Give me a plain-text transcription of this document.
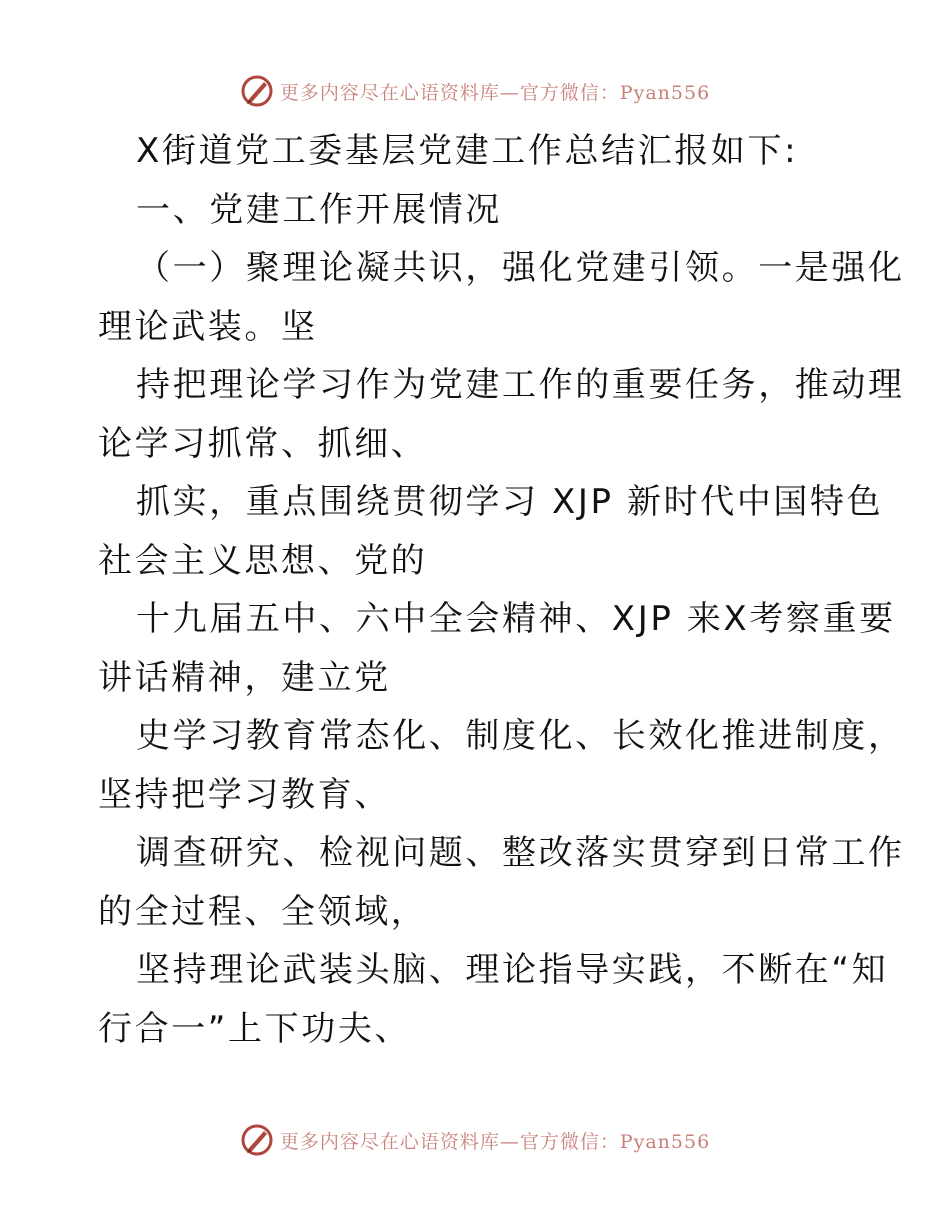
更多内容尽在心语资料库—官方微信：Pyan556
X街道党工委基层党建工作总结汇报如下:
一、党建工作开展情况
（一）聚理论凝共识，强化党建引领。一是强化
理论武装。坚
持把理论学习作为党建工作的重要任务，推动理
论学习抓常、抓细、
抓实，重点围绕贯彻学习 XJP 新时代中国特色
社会主义思想、党的
十九届五中、六中全会精神、XJP 来X考察重要
讲话精神，建立党
史学习教育常态化、制度化、长效化推进制度，
坚持把学习教育、
调查研究、检视问题、整改落实贯穿到日常工作
的全过程、全领域，
坚持理论武装头脑、理论指导实践，不断在“知
行合一”上下功夫、
更多内容尽在心语资料库—官方微信：Pyan556
